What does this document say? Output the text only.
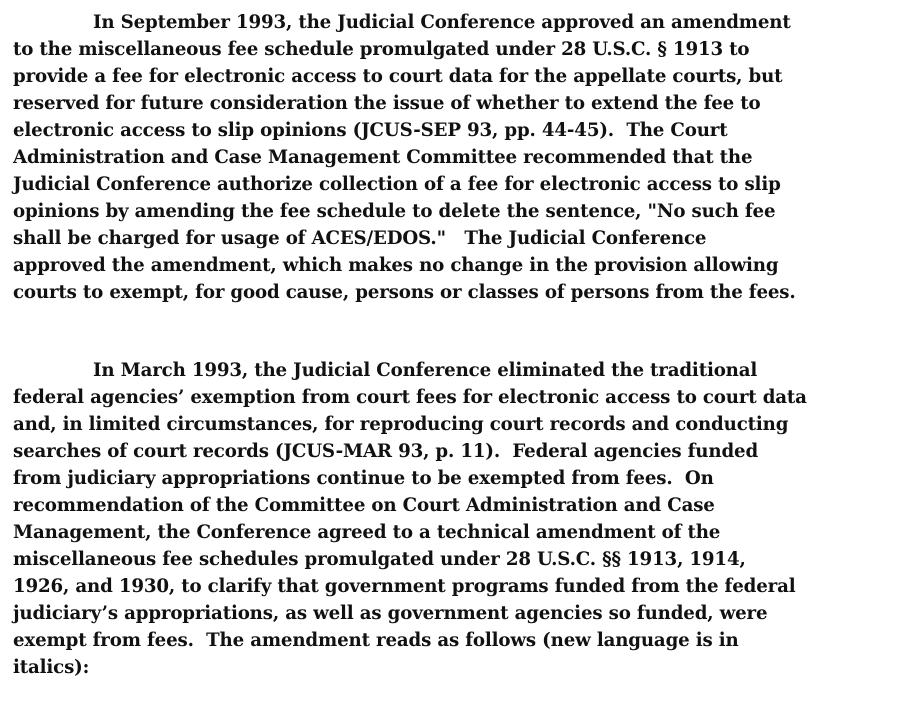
In September 1993, the Judicial Conference approved an amendment
to the miscellaneous fee schedule promulgated under 28 U.S.C. § 1913 to
provide a fee for electronic access to court data for the appellate courts, but
reserved for future consideration the issue of whether to extend the fee to
electronic access to slip opinions (JCUS-SEP 93, pp. 44-45).  The Court
Administration and Case Management Committee recommended that the
Judicial Conference authorize collection of a fee for electronic access to slip
opinions by amending the fee schedule to delete the sentence, "No such fee
shall be charged for usage of ACES/EDOS."   The Judicial Conference
approved the amendment, which makes no change in the provision allowing
courts to exempt, for good cause, persons or classes of persons from the fees.
In March 1993, the Judicial Conference eliminated the traditional
federal agencies’ exemption from court fees for electronic access to court data
and, in limited circumstances, for reproducing court records and conducting
searches of court records (JCUS-MAR 93, p. 11).  Federal agencies funded
from judiciary appropriations continue to be exempted from fees.  On
recommendation of the Committee on Court Administration and Case
Management, the Conference agreed to a technical amendment of the
miscellaneous fee schedules promulgated under 28 U.S.C. §§ 1913, 1914,
1926, and 1930, to clarify that government programs funded from the federal
judiciary’s appropriations, as well as government agencies so funded, were
exempt from fees.  The amendment reads as follows (new language is in
italics):
